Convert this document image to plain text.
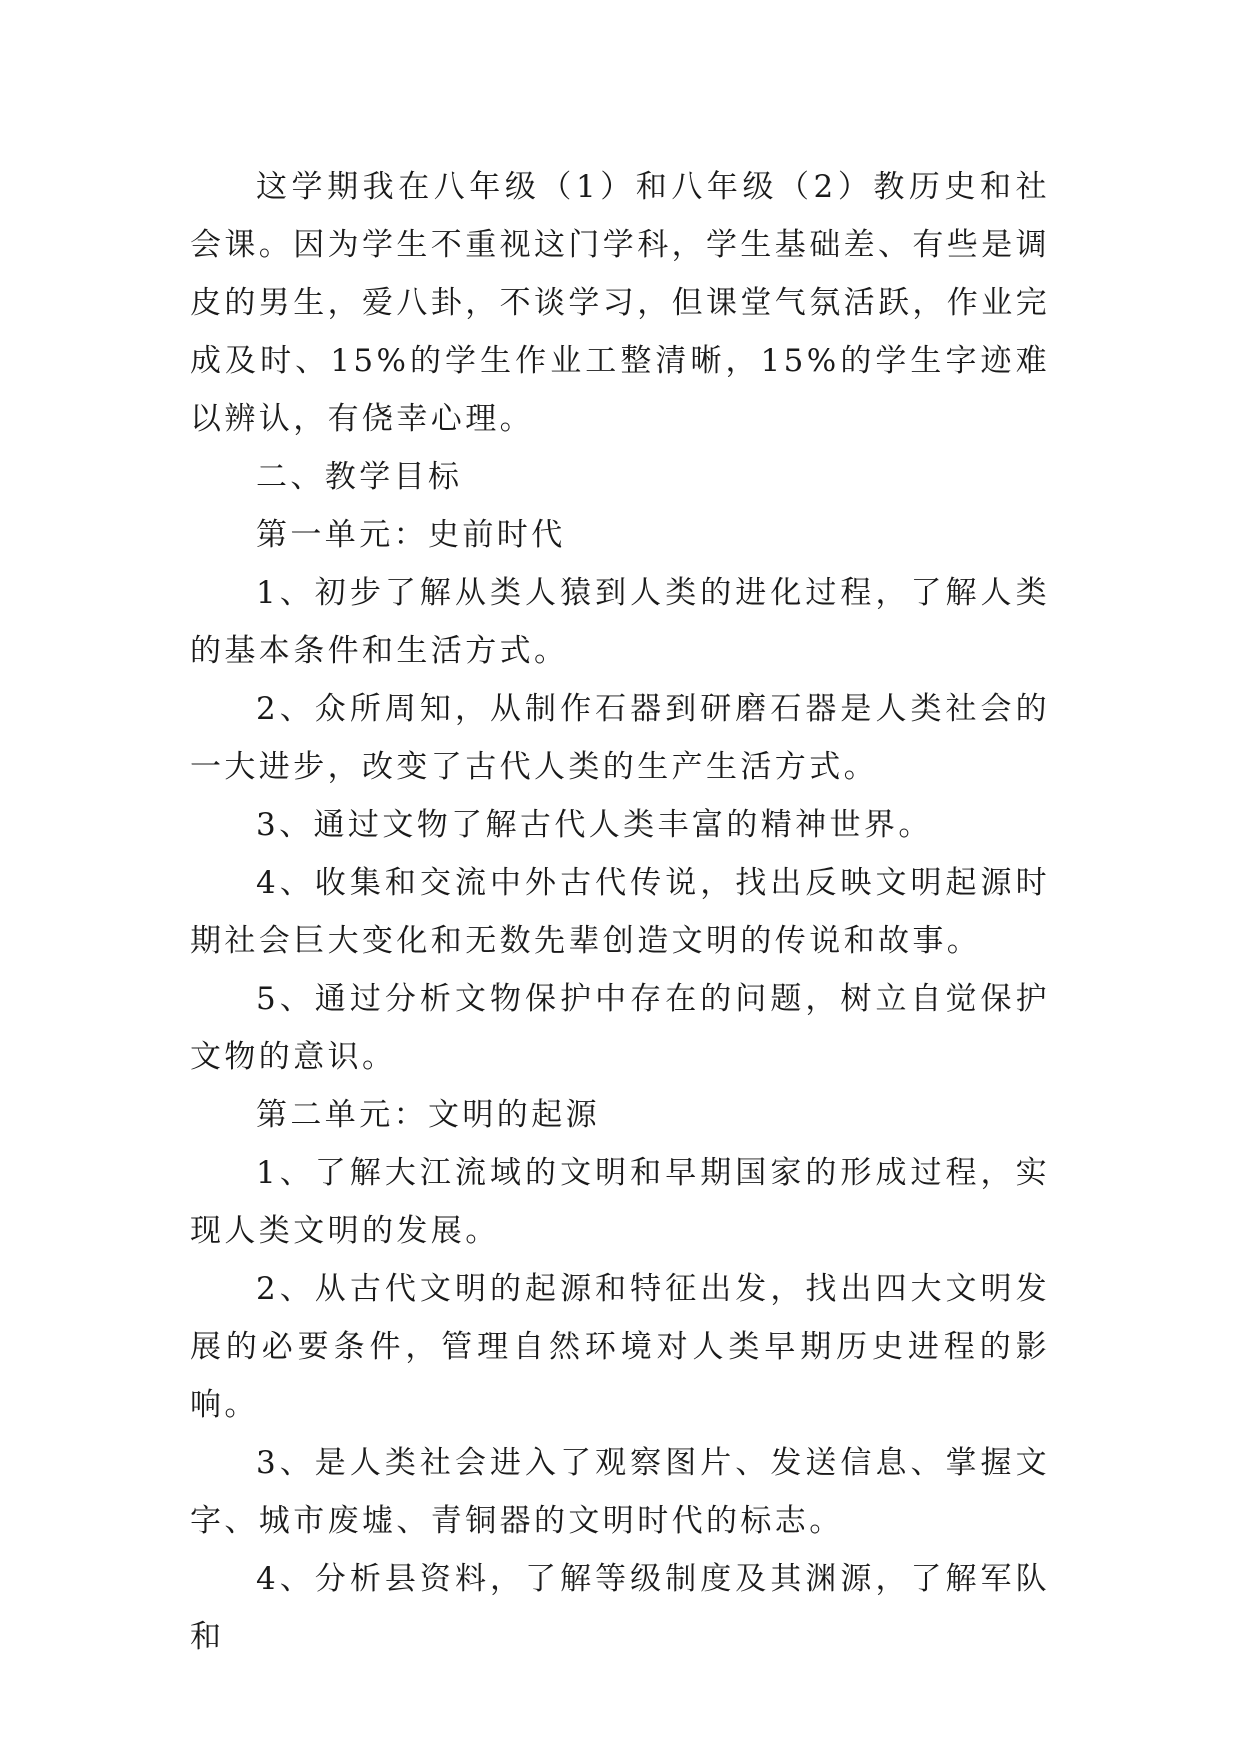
这学期我在八年级（1）和八年级（2）教历史和社会课。因为学生不重视这门学科，学生基础差、有些是调皮的男生，爱八卦，不谈学习，但课堂气氛活跃，作业完成及时、15%的学生作业工整清晰，15%的学生字迹难以辨认，有侥幸心理。

二、教学目标

第一单元：史前时代

1、初步了解从类人猿到人类的进化过程，了解人类的基本条件和生活方式。

2、众所周知，从制作石器到研磨石器是人类社会的一大进步，改变了古代人类的生产生活方式。

3、通过文物了解古代人类丰富的精神世界。

4、收集和交流中外古代传说，找出反映文明起源时期社会巨大变化和无数先辈创造文明的传说和故事。

5、通过分析文物保护中存在的问题，树立自觉保护文物的意识。

第二单元：文明的起源

1、了解大江流域的文明和早期国家的形成过程，实现人类文明的发展。

2、从古代文明的起源和特征出发，找出四大文明发展的必要条件，管理自然环境对人类早期历史进程的影响。

3、是人类社会进入了观察图片、发送信息、掌握文字、城市废墟、青铜器的文明时代的标志。

4、分析县资料，了解等级制度及其渊源，了解军队和
